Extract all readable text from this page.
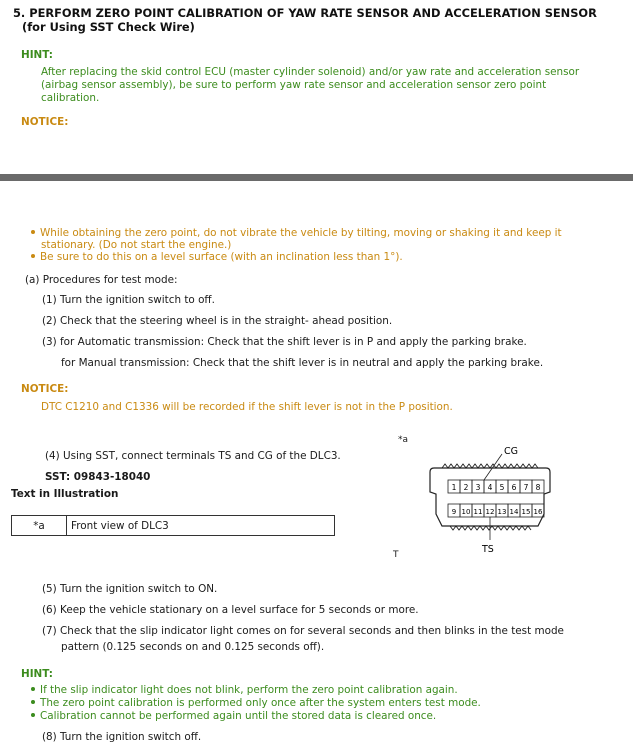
5. PERFORM ZERO POINT CALIBRATION OF YAW RATE SENSOR AND ACCELERATION SENSOR
(for Using SST Check Wire)
HINT:
After replacing the skid control ECU (master cylinder solenoid) and/or yaw rate and acceleration sensor
(airbag sensor assembly), be sure to perform yaw rate sensor and acceleration sensor zero point
calibration.
NOTICE:
While obtaining the zero point, do not vibrate the vehicle by tilting, moving or shaking it and keep it
stationary. (Do not start the engine.)
Be sure to do this on a level surface (with an inclination less than 1°).
(a) Procedures for test mode:
(1) Turn the ignition switch to off.
(2) Check that the steering wheel is in the straight- ahead position.
(3) for Automatic transmission: Check that the shift lever is in P and apply the parking brake.
for Manual transmission: Check that the shift lever is in neutral and apply the parking brake.
NOTICE:
DTC C1210 and C1336 will be recorded if the shift lever is not in the P position.
(4) Using SST, connect terminals TS and CG of the DLC3.
SST: 09843-18040
Text in Illustration
*a	Front view of DLC3
*a
T
1 2 3 4 5 6 7 8
9 10 11 12 13 14 15 16
CG
TS
(5) Turn the ignition switch to ON.
(6) Keep the vehicle stationary on a level surface for 5 seconds or more.
(7) Check that the slip indicator light comes on for several seconds and then blinks in the test mode
pattern (0.125 seconds on and 0.125 seconds off).
HINT:
If the slip indicator light does not blink, perform the zero point calibration again.
The zero point calibration is performed only once after the system enters test mode.
Calibration cannot be performed again until the stored data is cleared once.
(8) Turn the ignition switch off.
